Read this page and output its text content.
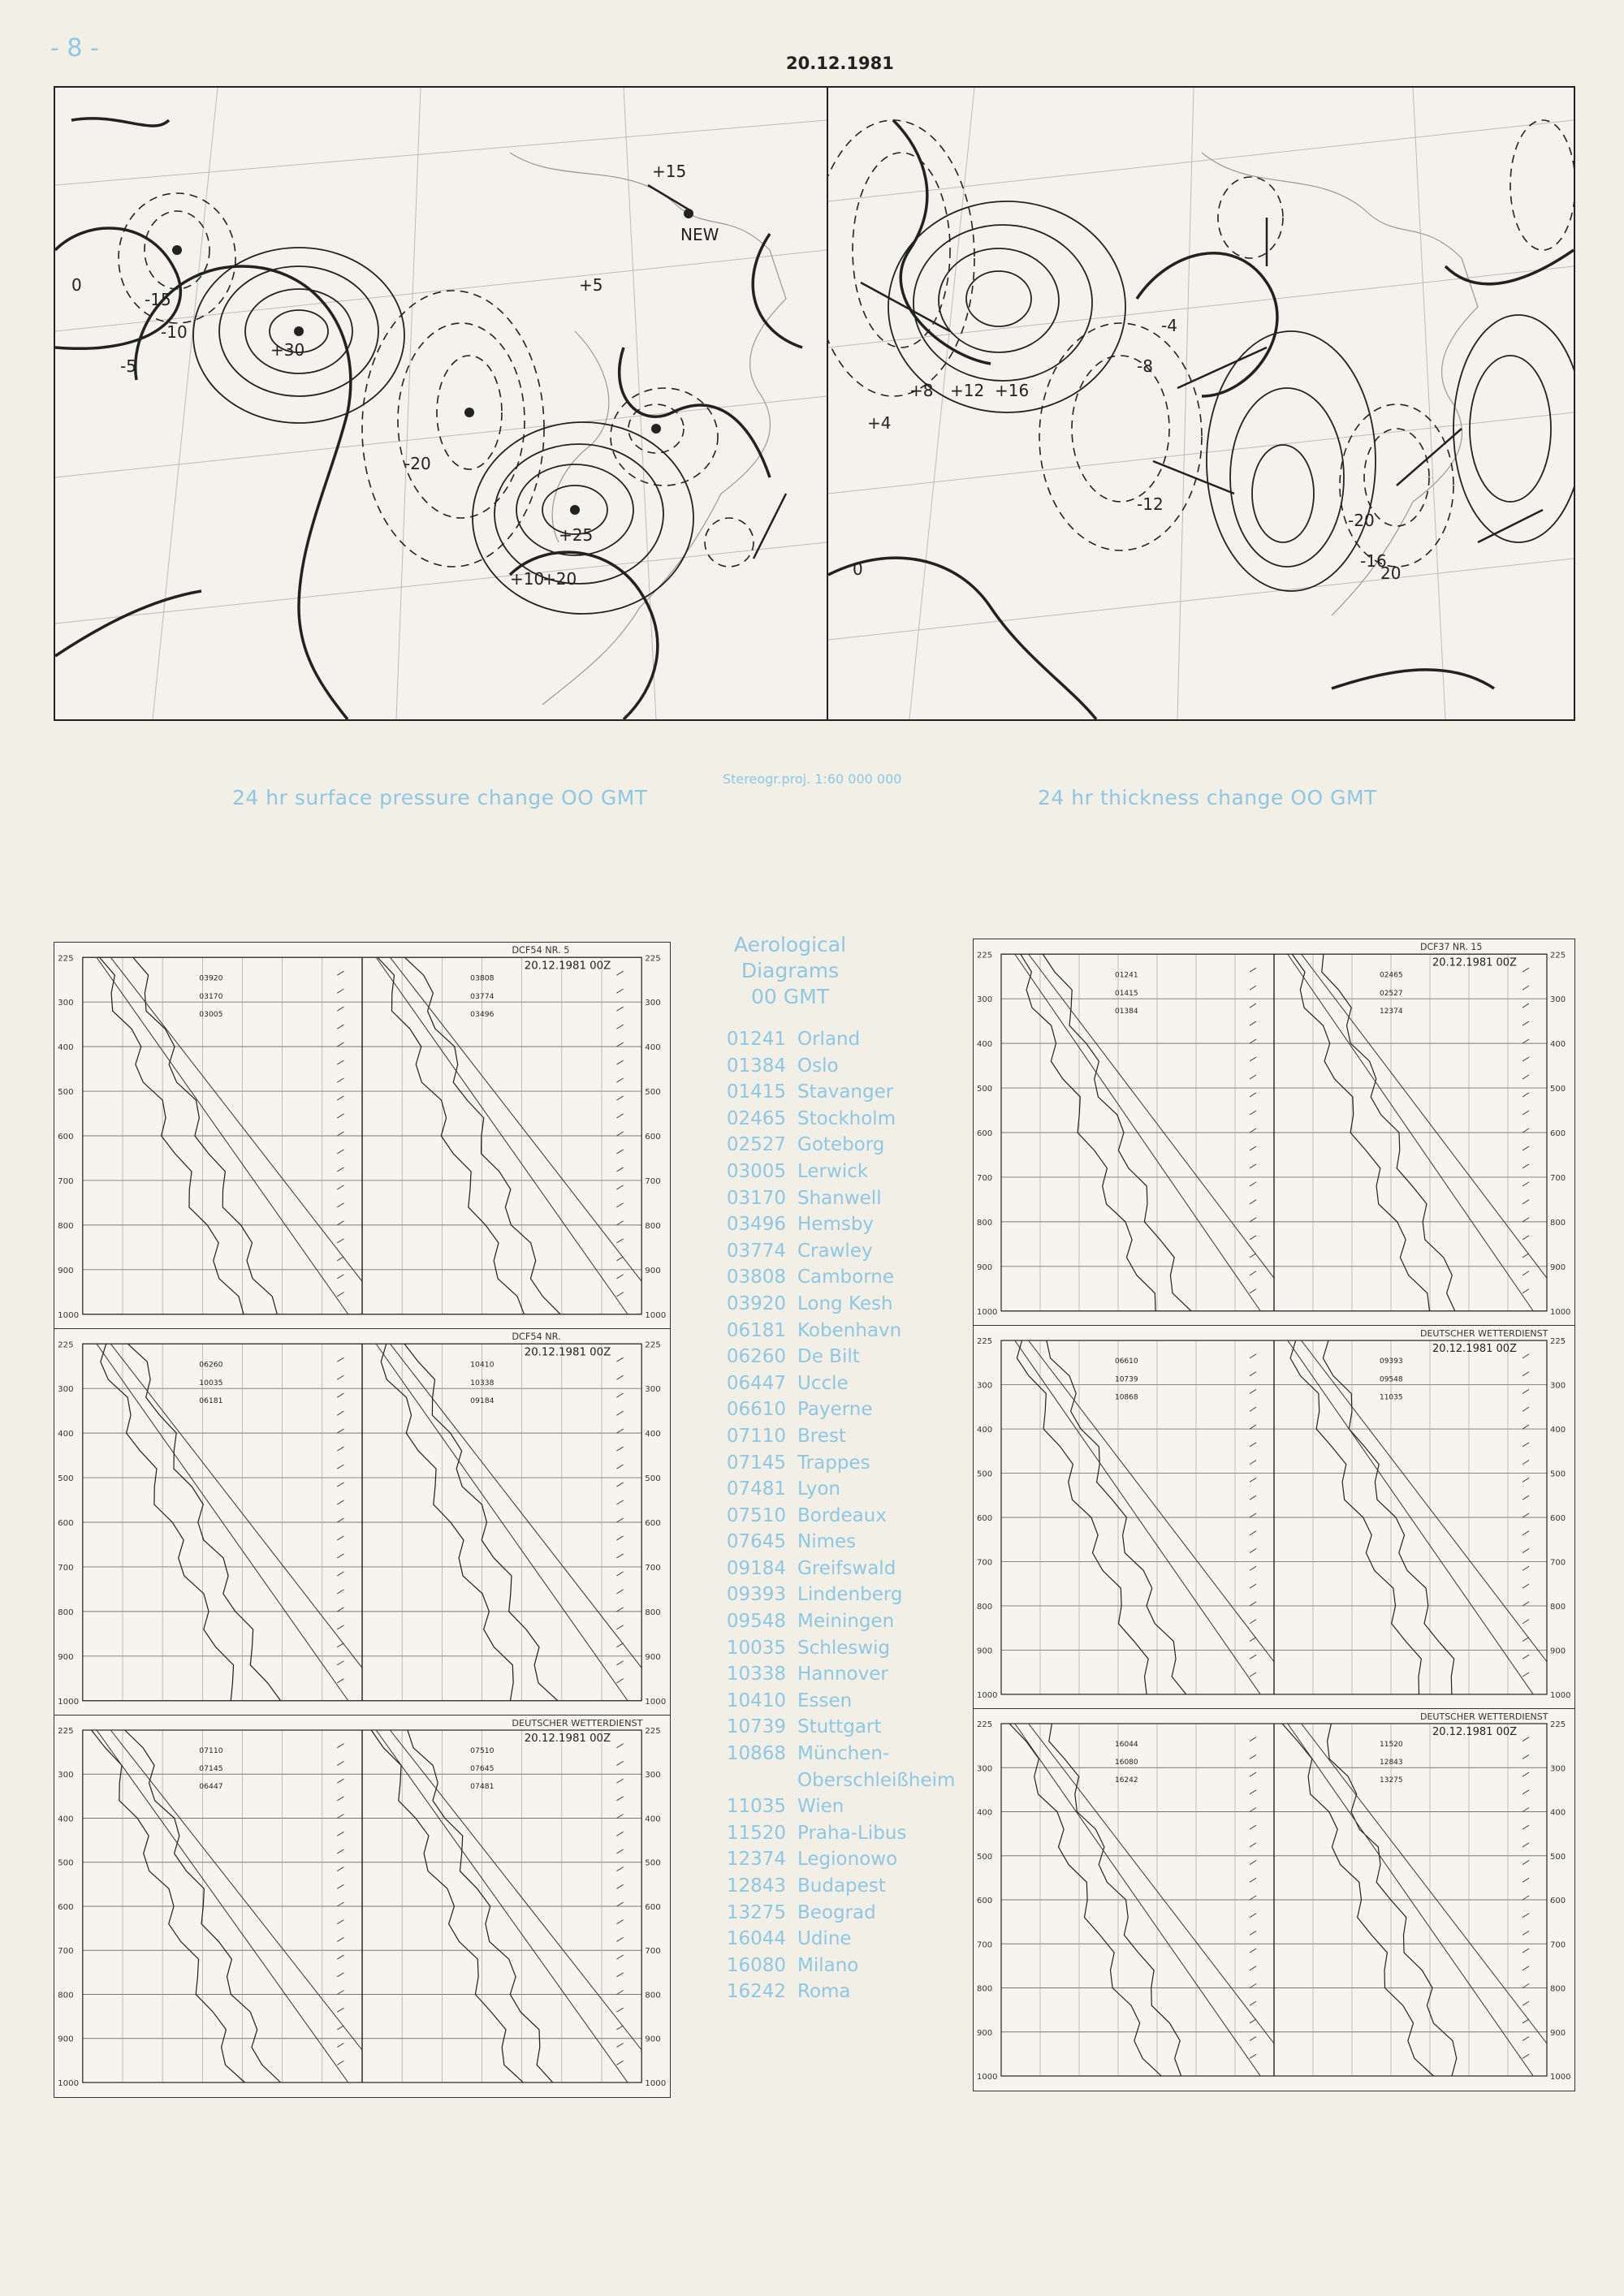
- 8 -
20.12.1981
+15
NEW
+30
-15
-10
-5
+5
+25
+20
-20
+10
0
+16
+12
+8
+4
-4
-8
-12
-16
-20
0	20
Stereogr.proj. 1:60 000 000
24 hr surface pressure change OO GMT	24 hr thickness change OO GMT
225	225
300	300
400	400
500	500
600	600
700	700
800	800
900	900
1000	1000
DCF54 NR. 5
20.12.1981 00Z
03920
03170
03005
03808
03774
03496
225	225
300	300
400	400
500	500
600	600
700	700
800	800
900	900
1000	1000
DCF54 NR.
20.12.1981 00Z
06260
10035
06181
10410
10338
09184
225	225
300	300
400	400
500	500
600	600
700	700
800	800
900	900
1000	1000
DEUTSCHER WETTERDIENST
20.12.1981 00Z
07110
07145
06447
07510
07645
07481
225	225
300	300
400	400
500	500
600	600
700	700
800	800
900	900
1000	1000
DCF37 NR. 15
20.12.1981 00Z
01241
01415
01384
02465
02527
12374
225	225
300	300
400	400
500	500
600	600
700	700
800	800
900	900
1000	1000
DEUTSCHER WETTERDIENST
20.12.1981 00Z
06610
10739
10868
09393
09548
11035
225	225
300	300
400	400
500	500
600	600
700	700
800	800
900	900
1000	1000
DEUTSCHER WETTERDIENST
20.12.1981 00Z
16044
16080
16242
11520
12843
13275
Aerological
Diagrams
00 GMT
01241 Orland
01384 Oslo
01415 Stavanger
02465 Stockholm
02527 Goteborg
03005 Lerwick
03170 Shanwell
03496 Hemsby
03774 Crawley
03808 Camborne
03920 Long Kesh
06181 Kobenhavn
06260 De Bilt
06447 Uccle
06610 Payerne
07110 Brest
07145 Trappes
07481 Lyon
07510 Bordeaux
07645 Nimes
09184 Greifswald
09393 Lindenberg
09548 Meiningen
10035 Schleswig
10338 Hannover
10410 Essen
10739 Stuttgart
10868 München-
Oberschleißheim
11035 Wien
11520 Praha-Libus
12374 Legionowo
12843 Budapest
13275 Beograd
16044 Udine
16080 Milano
16242 Roma
